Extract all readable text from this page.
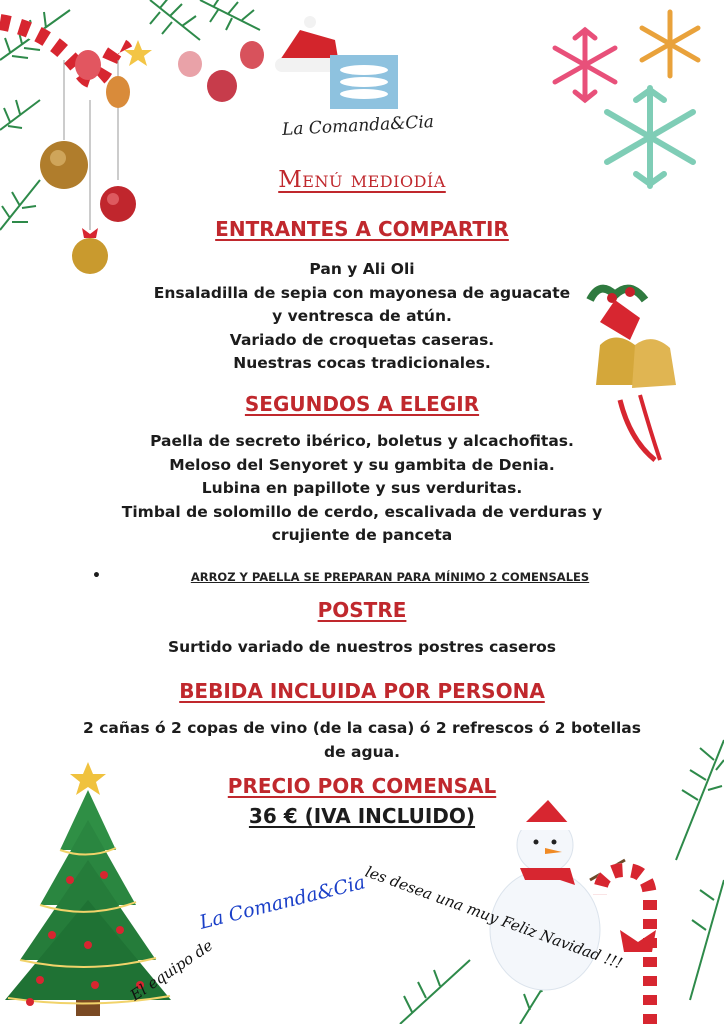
La Comanda&Cia
Menú mediodía
ENTRANTES A COMPARTIR
Pan y Ali Oli
Ensaladilla de sepia con mayonesa de aguacate
y ventresca de atún.
Variado de croquetas caseras.
Nuestras cocas tradicionales.
SEGUNDOS A ELEGIR
Paella de secreto ibérico, boletus y alcachofitas.
Meloso del Senyoret y su gambita de Denia.
Lubina en papillote y sus verduritas.
Timbal de solomillo de cerdo, escalivada de verduras y
crujiente de panceta
•	ARROZ Y PAELLA SE PREPARAN PARA MÍNIMO 2 COMENSALES
POSTRE
Surtido variado de nuestros postres caseros
BEBIDA INCLUIDA POR PERSONA
2 cañas ó 2 copas de vino (de la casa) ó 2 refrescos ó 2 botellas
de agua.
PRECIO POR COMENSAL
36 € (IVA INCLUIDO)
El equipo de
La Comanda&Cia
les desea una muy Feliz Navidad !!!
